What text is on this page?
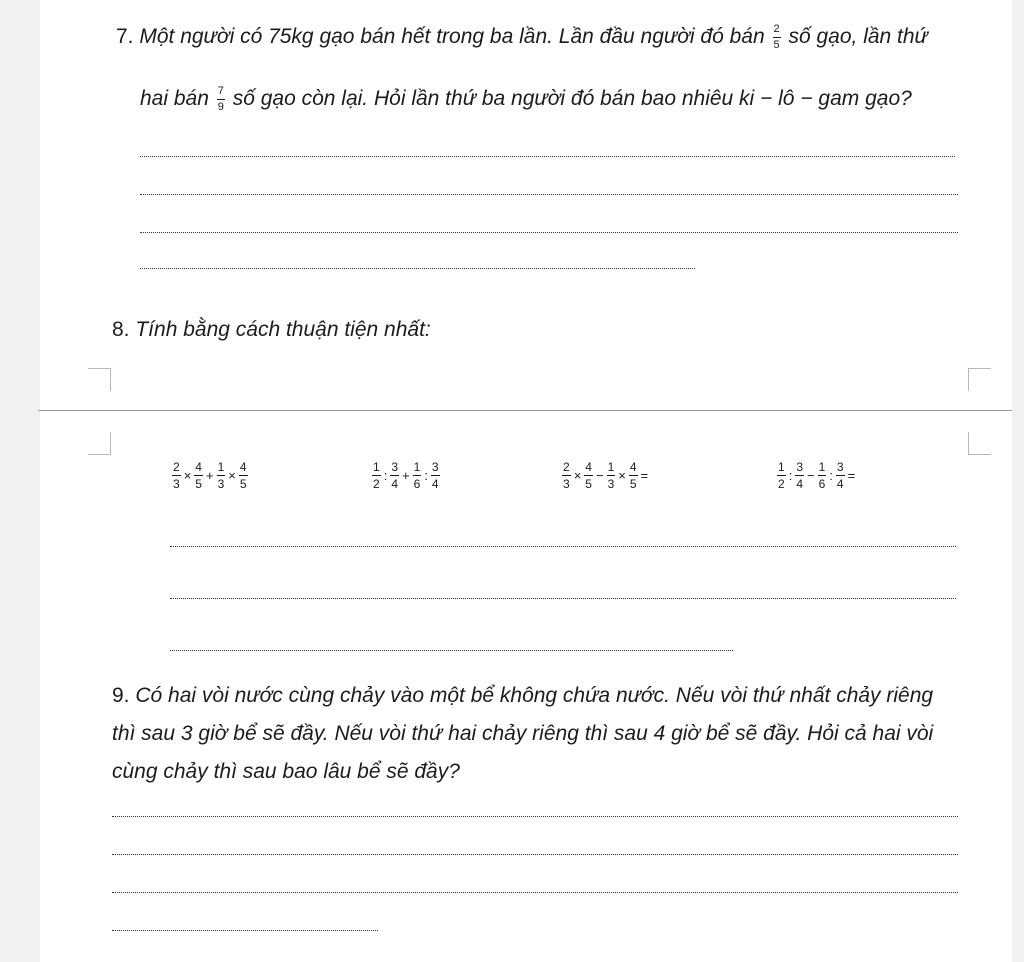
7. Một người có 75kg gạo bán hết trong ba lần. Lần đầu người đó bán $\frac{2}{5}$ số gạo, lần thứ
hai bán $\frac{7}{9}$ số gạo còn lại. Hỏi lần thứ ba người đó bán bao nhiêu ki − lô − gam gạo?
8. Tính bằng cách thuận tiện nhất:
$\frac{2}{3} \times \frac{4}{5} + \frac{1}{3} \times \frac{4}{5}$	$\frac{1}{2}$ : $\frac{3}{4} + \frac{1}{6}$ : $\frac{3}{4}$	$\frac{2}{3} \times \frac{4}{5} - \frac{1}{3} \times \frac{4}{5}$ =	$\frac{1}{2}$ : $\frac{3}{4} - \frac{1}{6}$ : $\frac{3}{4}$ =
9. Có hai vòi nước cùng chảy vào một bể không chứa nước. Nếu vòi thứ nhất chảy riêng
thì sau 3 giờ bể sẽ đầy. Nếu vòi thứ hai chảy riêng thì sau 4 giờ bể sẽ đầy. Hỏi cả hai vòi
cùng chảy thì sau bao lâu bể sẽ đầy?
